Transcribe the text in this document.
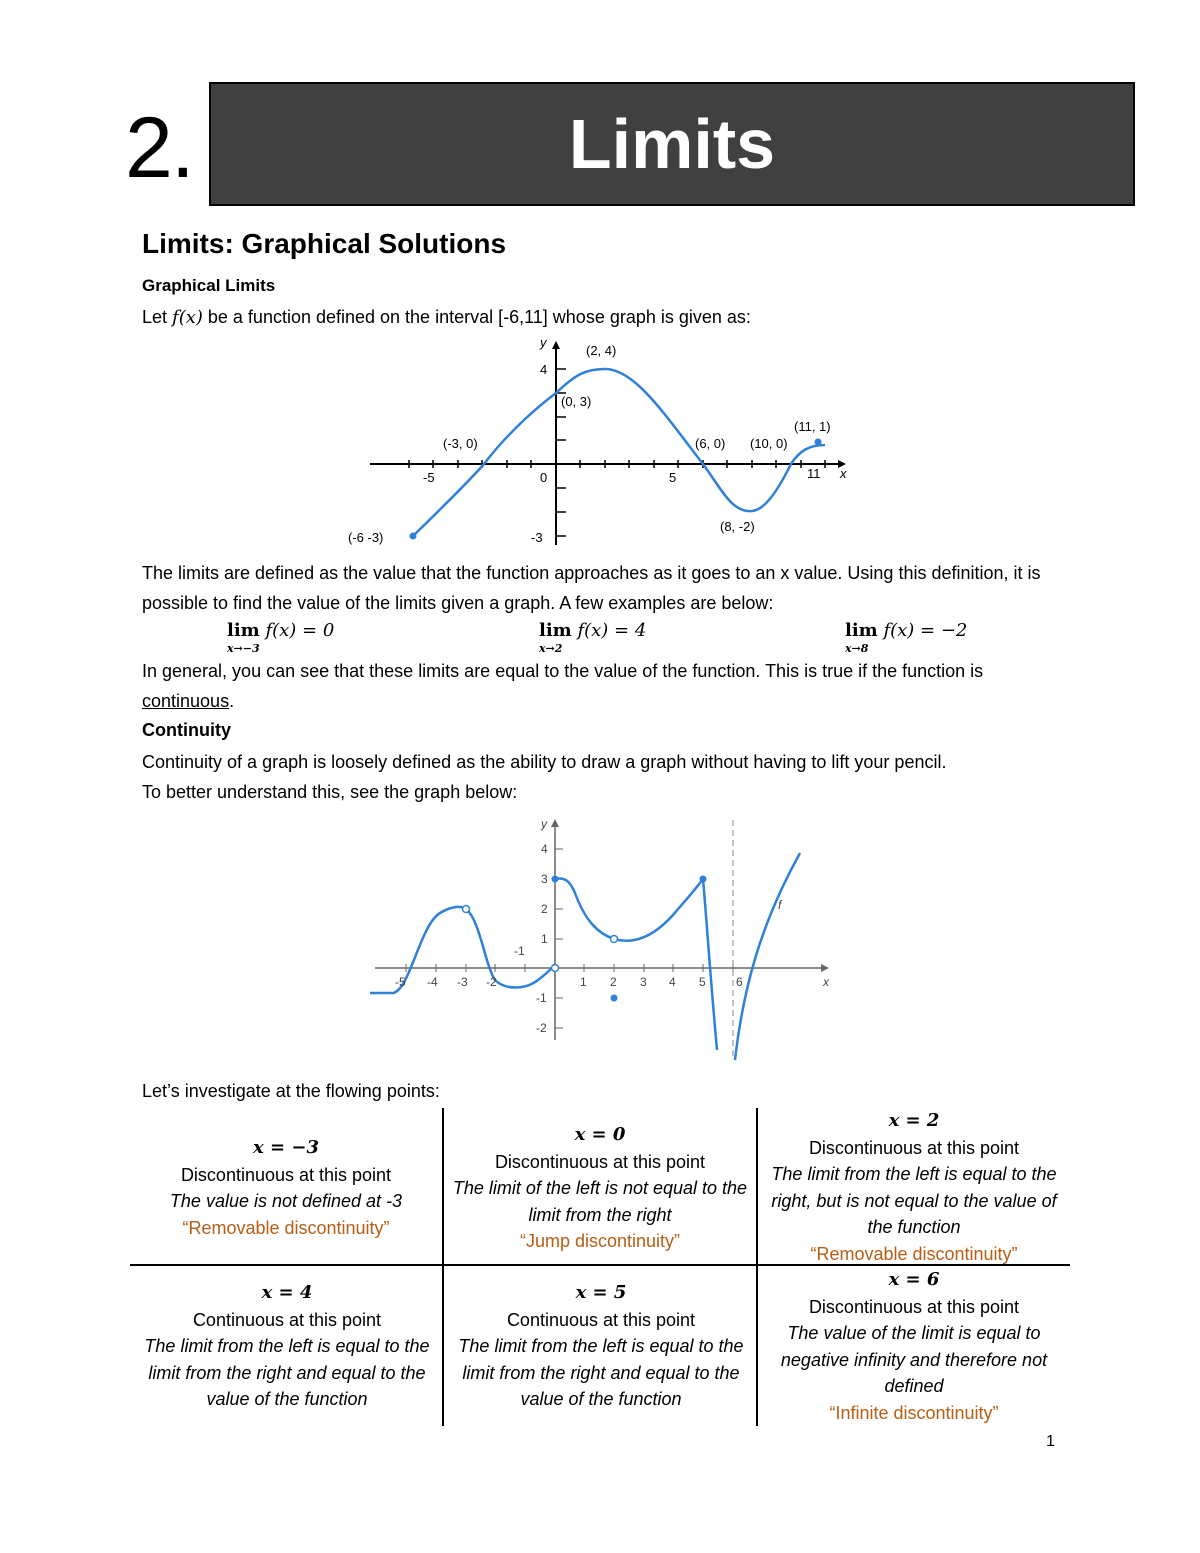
2.	Limits
Limits: Graphical Solutions
Graphical Limits
Let f(x) be a function defined on the interval [-6,11] whose graph is given as:
y
x
4
-3
-5	0	5	11
(2, 4)
(0, 3)
(-3, 0)	(6, 0) (10, 0)
(11, 1)
(8, -2)
(-6 -3)
The limits are defined as the value that the function approaches as it goes to an x value. Using this definition, it is possible to find the value of the limits given a graph. A few examples are below:
lim
x→−3
f(x) = 0	lim
x→2
f(x) = 4	lim
x→8
f(x) = −2
In general, you can see that these limits are equal to the value of the function. This is true if the function is continuous.
Continuity
Continuity of a graph is loosely defined as the ability to draw a graph without having to lift your pencil.
To better understand this, see the graph below:
y
x
f
4
3
2
1
-1
-2
-1
-5 -4 -3 -2	1 2 3 4 5	6
Let’s investigate at the flowing points:
x = −3
Discontinuous at this point
The value is not defined at -3
“Removable discontinuity”
x = 0
Discontinuous at this point
The limit of the left is not equal to the limit from the right
“Jump discontinuity”
x = 2
Discontinuous at this point
The limit from the left is equal to the right, but is not equal to the value of the function
“Removable discontinuity”
x = 4
Continuous at this point
The limit from the left is equal to the limit from the right and equal to the value of the function
x = 5
Continuous at this point
The limit from the left is equal to the limit from the right and equal to the value of the function
x = 6
Discontinuous at this point
The value of the limit is equal to negative infinity and therefore not defined
“Infinite discontinuity”
1
